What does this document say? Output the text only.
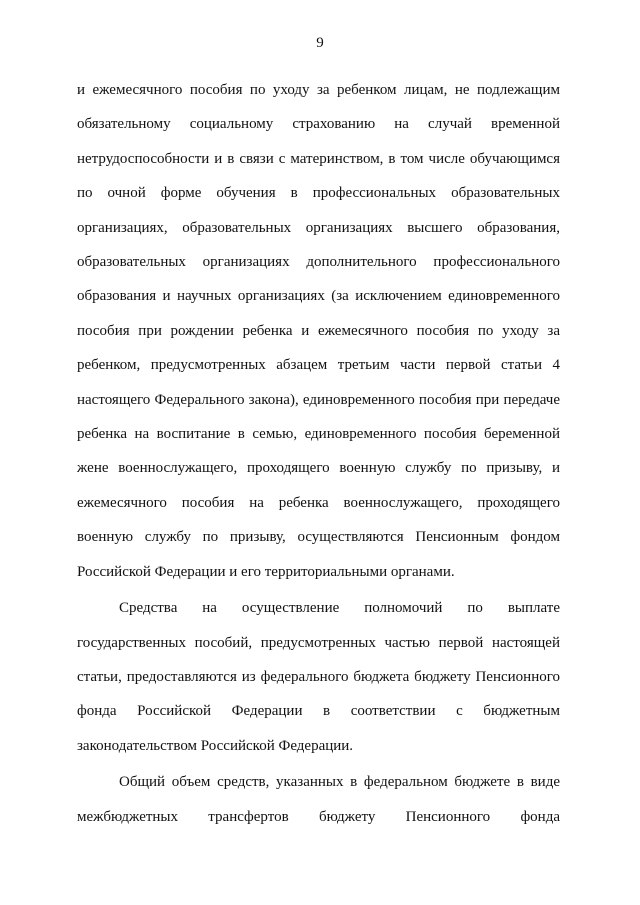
9

и ежемесячного пособия по уходу за ребенком лицам, не подлежащим обязательному социальному страхованию на случай временной нетрудоспособности и в связи с материнством, в том числе обучающимся по очной форме обучения в профессиональных образовательных организациях, образовательных организациях высшего образования, образовательных организациях дополнительного профессионального образования и научных организациях (за исключением единовременного пособия при рождении ребенка и ежемесячного пособия по уходу за ребенком, предусмотренных абзацем третьим части первой статьи 4 настоящего Федерального закона), единовременного пособия при передаче ребенка на воспитание в семью, единовременного пособия беременной жене военнослужащего, проходящего военную службу по призыву, и ежемесячного пособия на ребенка военнослужащего, проходящего военную службу по призыву, осуществляются Пенсионным фондом Российской Федерации и его территориальными органами.

Средства на осуществление полномочий по выплате государственных пособий, предусмотренных частью первой настоящей статьи, предоставляются из федерального бюджета бюджету Пенсионного фонда Российской Федерации в соответствии с бюджетным законодательством Российской Федерации.

Общий объем средств, указанных в федеральном бюджете в виде межбюджетных трансфертов бюджету Пенсионного фонда
